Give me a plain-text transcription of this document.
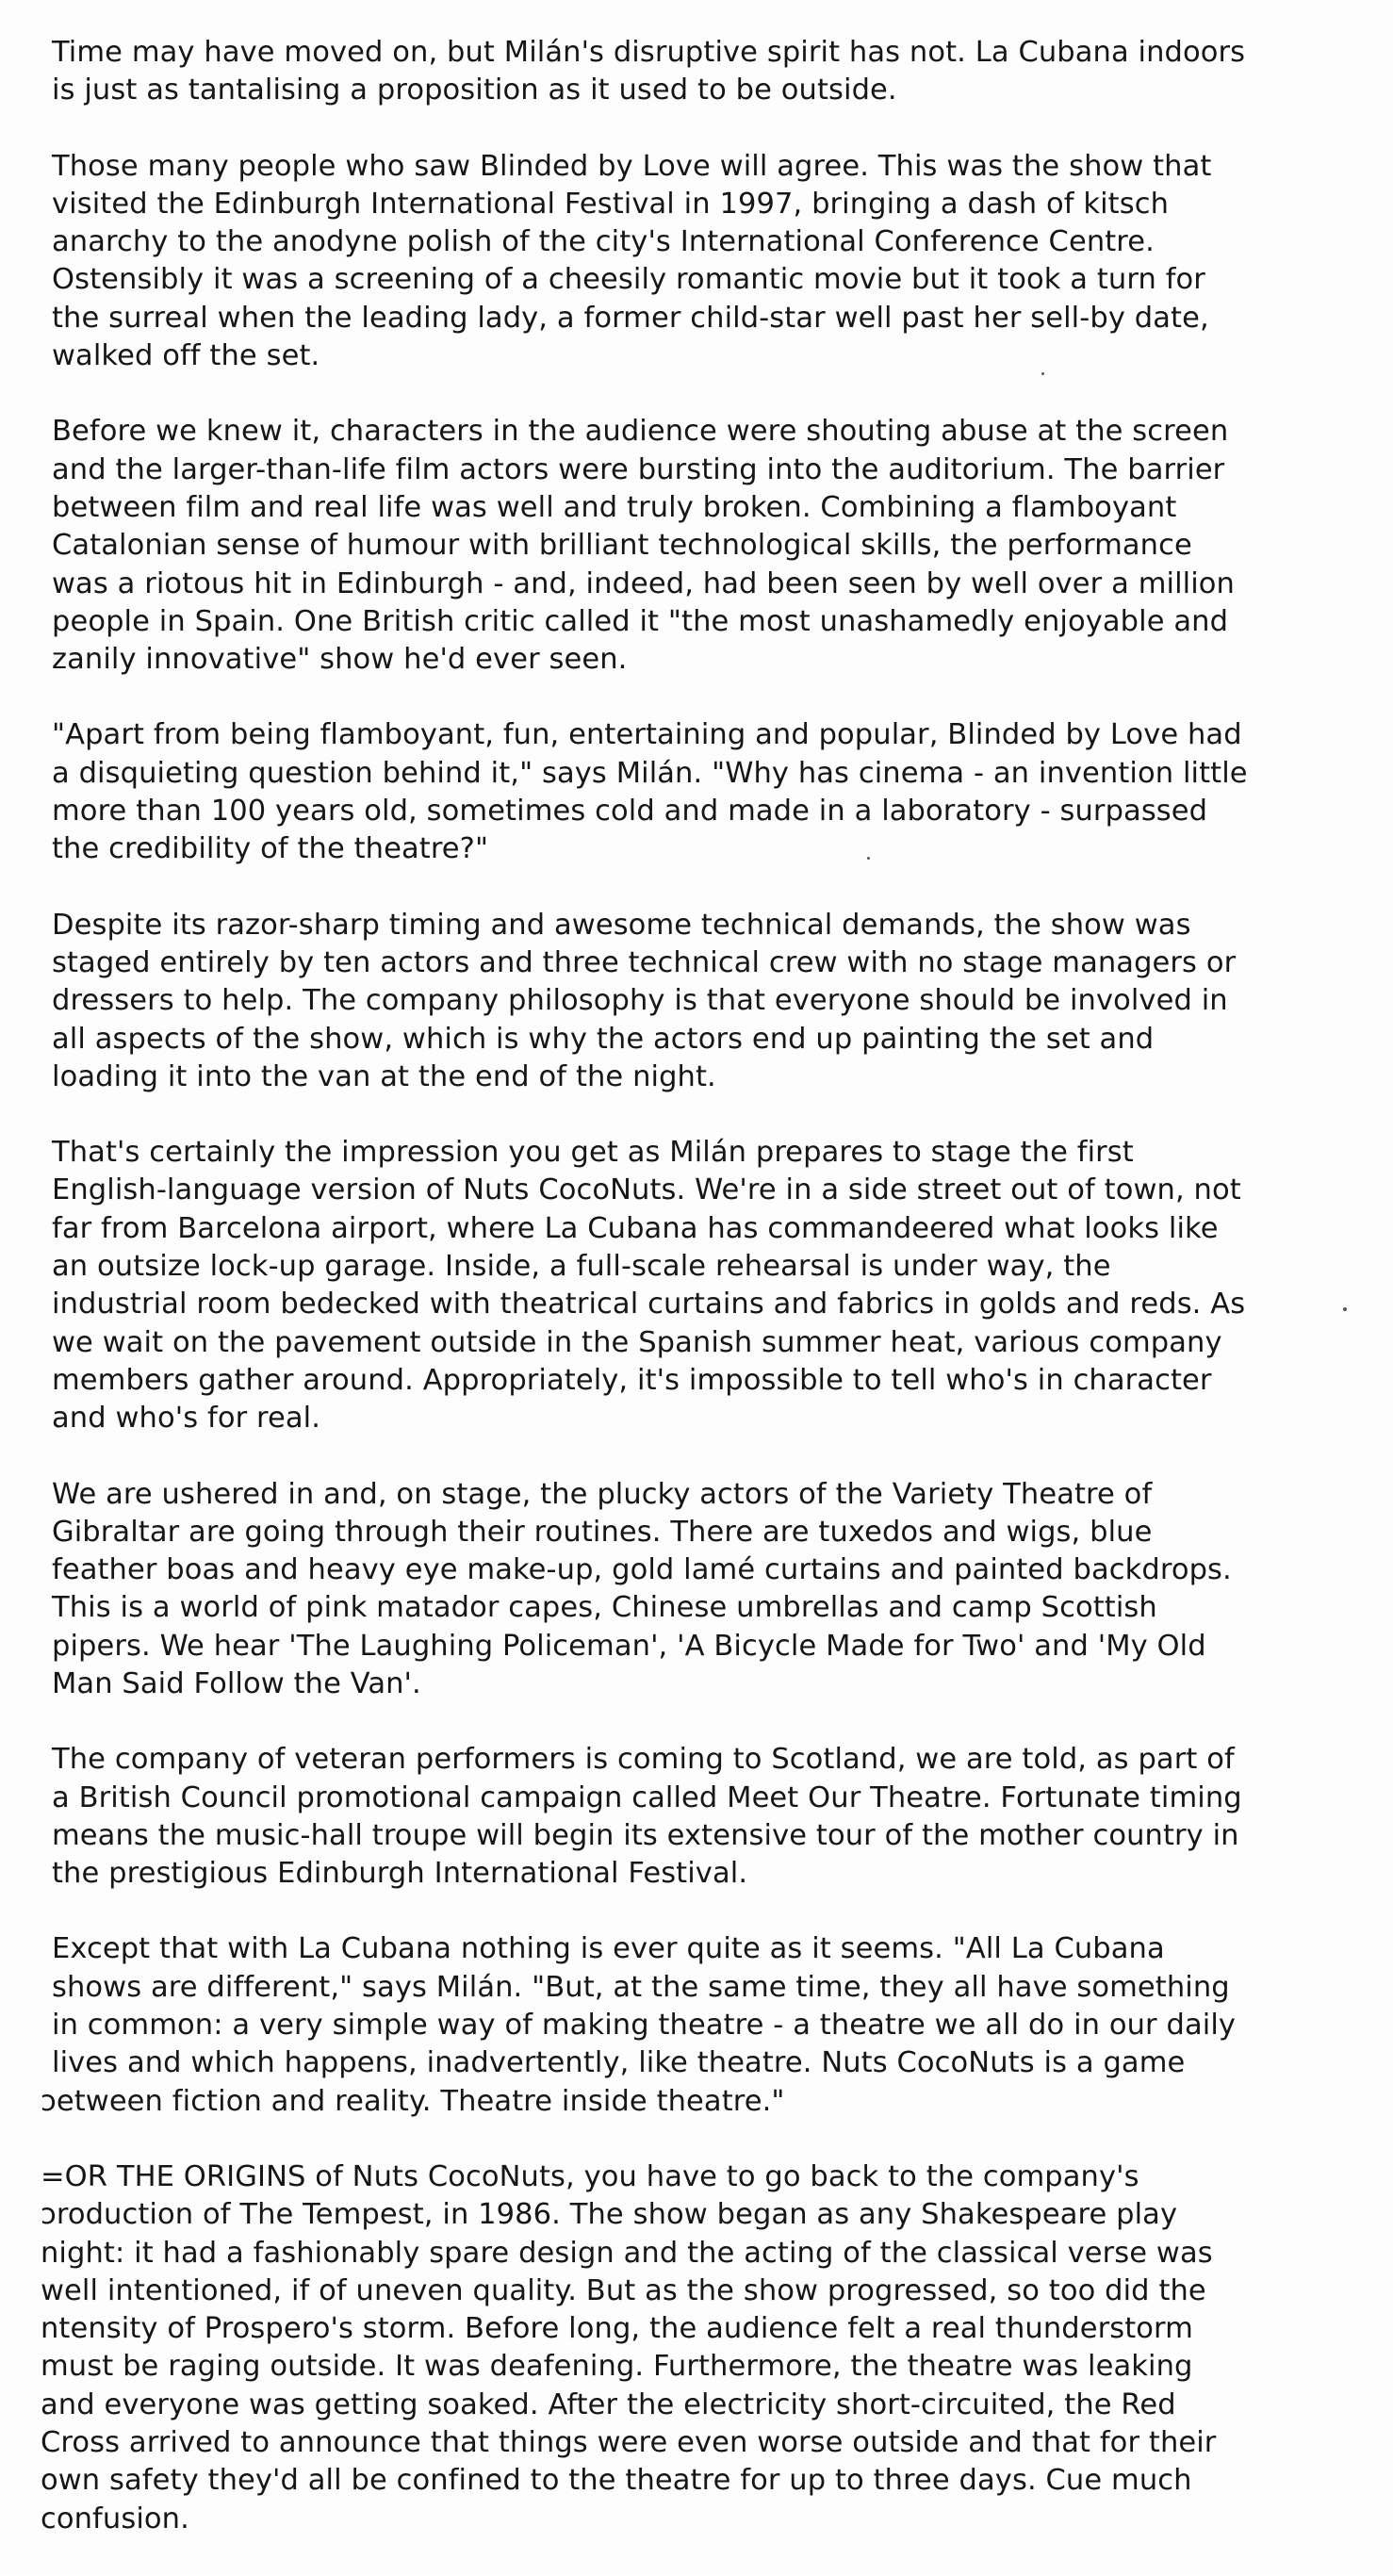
Time may have moved on, but Milán's disruptive spirit has not. La Cubana indoors
is just as tantalising a proposition as it used to be outside.

Those many people who saw Blinded by Love will agree. This was the show that
visited the Edinburgh International Festival in 1997, bringing a dash of kitsch
anarchy to the anodyne polish of the city's International Conference Centre.
Ostensibly it was a screening of a cheesily romantic movie but it took a turn for
the surreal when the leading lady, a former child-star well past her sell-by date,
walked off the set.

Before we knew it, characters in the audience were shouting abuse at the screen
and the larger-than-life film actors were bursting into the auditorium. The barrier
between film and real life was well and truly broken. Combining a flamboyant
Catalonian sense of humour with brilliant technological skills, the performance
was a riotous hit in Edinburgh - and, indeed, had been seen by well over a million
people in Spain. One British critic called it "the most unashamedly enjoyable and
zanily innovative" show he'd ever seen.

"Apart from being flamboyant, fun, entertaining and popular, Blinded by Love had
a disquieting question behind it," says Milán. "Why has cinema - an invention little
more than 100 years old, sometimes cold and made in a laboratory - surpassed
the credibility of the theatre?"

Despite its razor-sharp timing and awesome technical demands, the show was
staged entirely by ten actors and three technical crew with no stage managers or
dressers to help. The company philosophy is that everyone should be involved in
all aspects of the show, which is why the actors end up painting the set and
loading it into the van at the end of the night.

That's certainly the impression you get as Milán prepares to stage the first
English-language version of Nuts CocoNuts. We're in a side street out of town, not
far from Barcelona airport, where La Cubana has commandeered what looks like
an outsize lock-up garage. Inside, a full-scale rehearsal is under way, the
industrial room bedecked with theatrical curtains and fabrics in golds and reds. As
we wait on the pavement outside in the Spanish summer heat, various company
members gather around. Appropriately, it's impossible to tell who's in character
and who's for real.

We are ushered in and, on stage, the plucky actors of the Variety Theatre of
Gibraltar are going through their routines. There are tuxedos and wigs, blue
feather boas and heavy eye make-up, gold lamé curtains and painted backdrops.
This is a world of pink matador capes, Chinese umbrellas and camp Scottish
pipers. We hear 'The Laughing Policeman', 'A Bicycle Made for Two' and 'My Old
Man Said Follow the Van'.

The company of veteran performers is coming to Scotland, we are told, as part of
a British Council promotional campaign called Meet Our Theatre. Fortunate timing
means the music-hall troupe will begin its extensive tour of the mother country in
the prestigious Edinburgh International Festival.

Except that with La Cubana nothing is ever quite as it seems. "All La Cubana
shows are different," says Milán. "But, at the same time, they all have something
in common: a very simple way of making theatre - a theatre we all do in our daily
lives and which happens, inadvertently, like theatre. Nuts CocoNuts is a game
ɔetween fiction and reality. Theatre inside theatre."

=OR THE ORIGINS of Nuts CocoNuts, you have to go back to the company's
ɔroduction of The Tempest, in 1986. The show began as any Shakespeare play
night: it had a fashionably spare design and the acting of the classical verse was
well intentioned, if of uneven quality. But as the show progressed, so too did the
ntensity of Prospero's storm. Before long, the audience felt a real thunderstorm
must be raging outside. It was deafening. Furthermore, the theatre was leaking
and everyone was getting soaked. After the electricity short-circuited, the Red
Cross arrived to announce that things were even worse outside and that for their
own safety they'd all be confined to the theatre for up to three days. Cue much
confusion.
